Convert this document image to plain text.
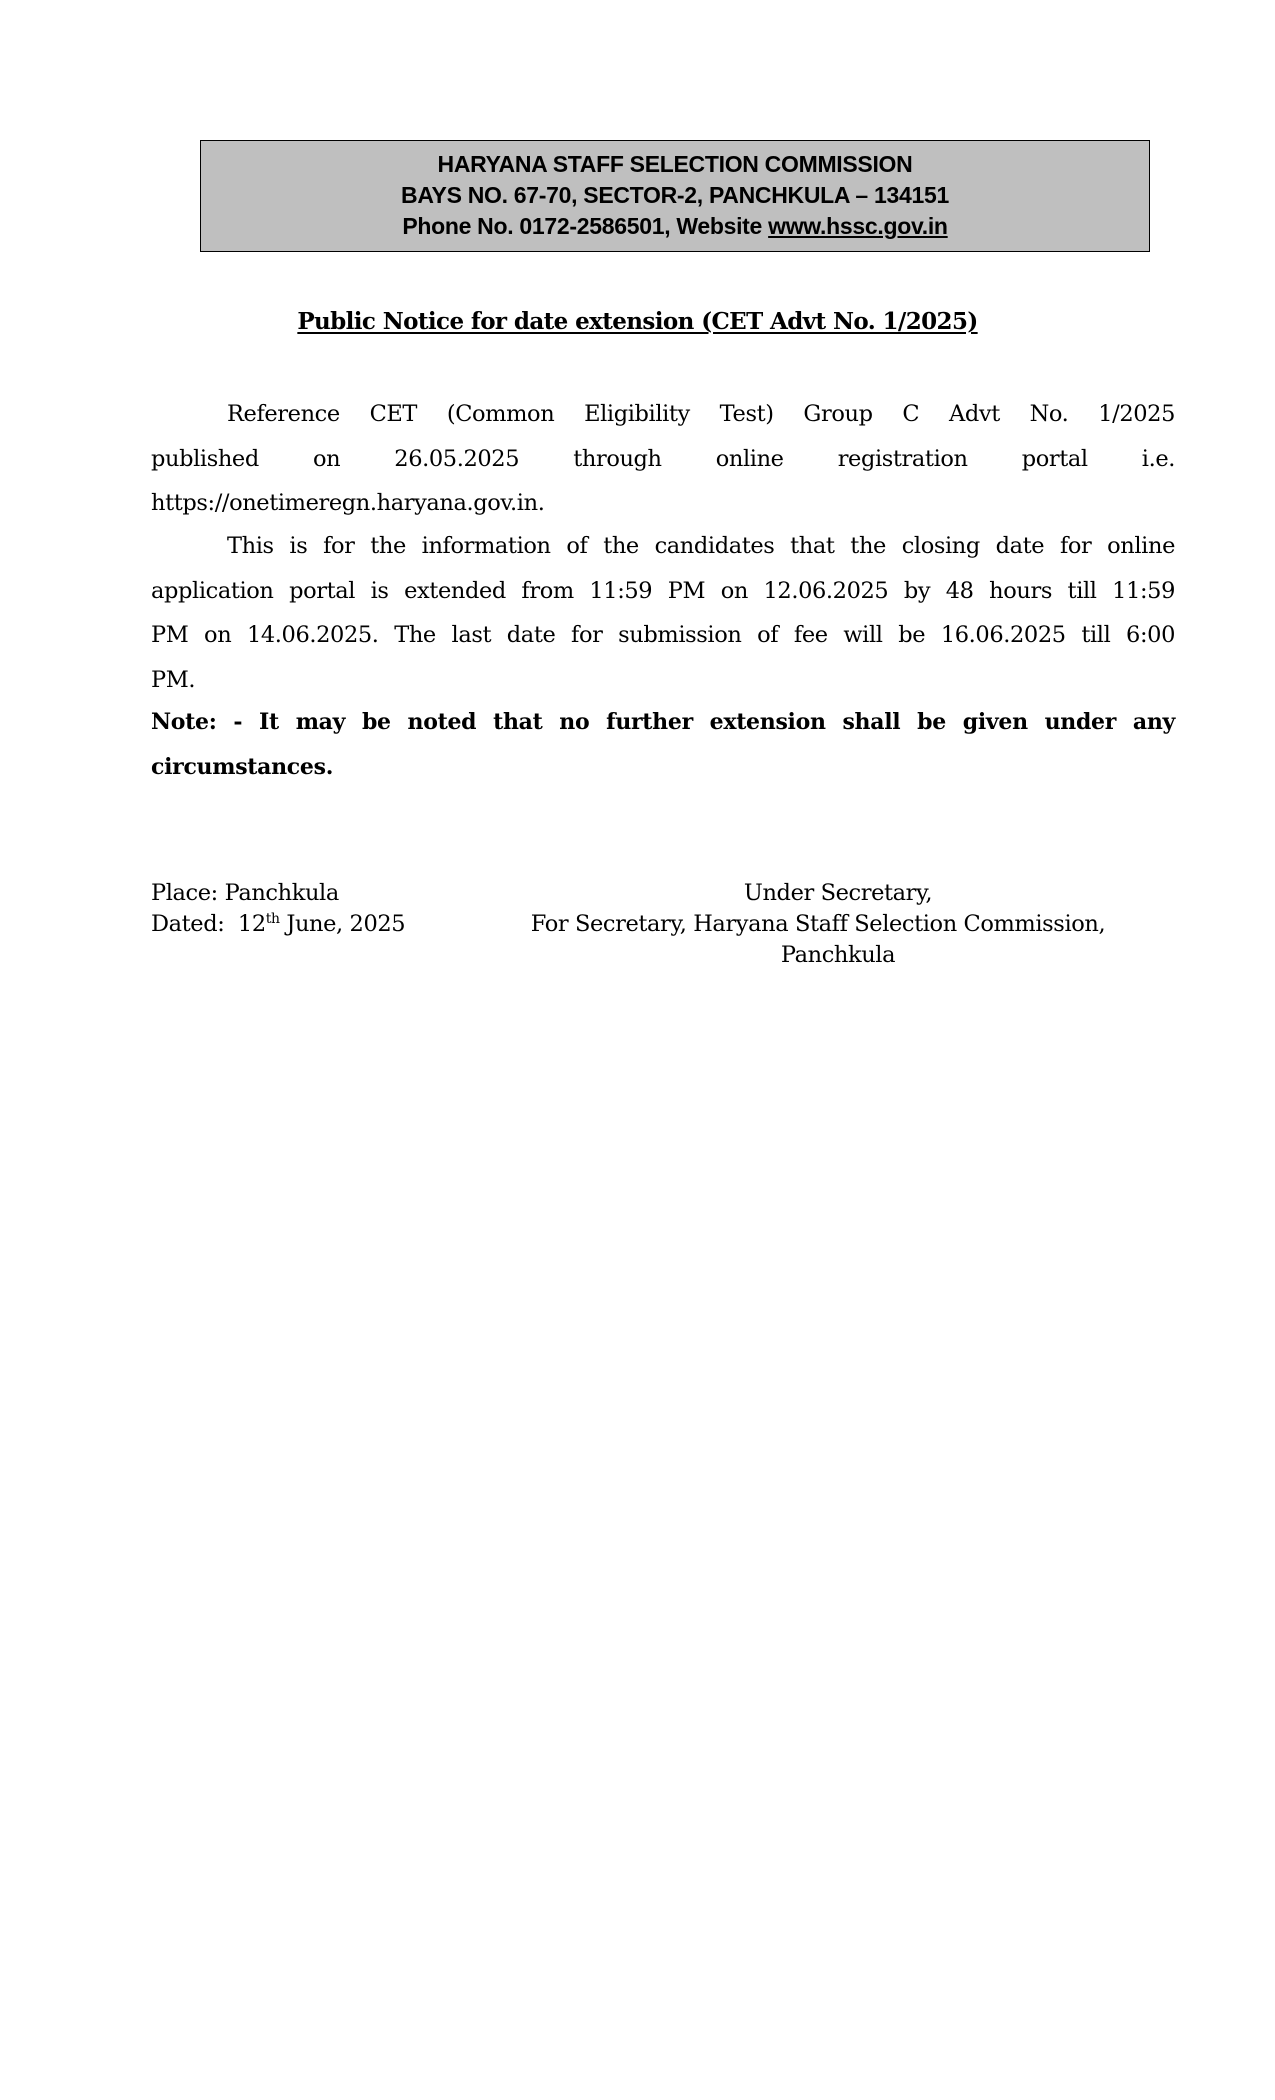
HARYANA STAFF SELECTION COMMISSION
BAYS NO. 67-70, SECTOR-2, PANCHKULA – 134151
Phone No. 0172-2586501, Website www.hssc.gov.in
Public Notice for date extension (CET Advt No. 1/2025)
Reference CET (Common Eligibility Test) Group C Advt No. 1/2025
published on 26.05.2025 through online registration portal i.e.
https://onetimeregn.haryana.gov.in.
This is for the information of the candidates that the closing date for online
application portal is extended from 11:59 PM on 12.06.2025 by 48 hours till 11:59
PM on 14.06.2025. The last date for submission of fee will be 16.06.2025 till 6:00
PM.
Note: - It may be noted that no further extension shall be given under any
circumstances.
Place: Panchkula
Dated:  12th June, 2025
Under Secretary,
For Secretary, Haryana Staff Selection Commission,
Panchkula
